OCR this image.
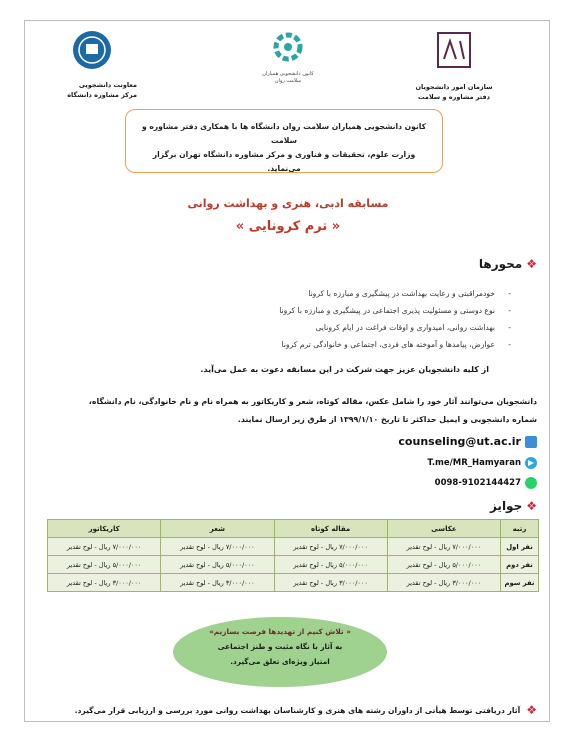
سازمان امور دانشجویان
دفتر مشاوره و سلامت
کانون دانشجویی همیاران
سلامت روان
معاونت دانشجویی
مرکز مشاوره دانشگاه
کانون دانشجویی همیاران سلامت روان دانشگاه ها با همکاری دفتر مشاوره و سلامت
وزارت علوم، تحقیقات و فناوری و مرکز مشاوره دانشگاه تهران برگزار می‌نماید.
مسابقه ادبی، هنری و بهداشت روانی
« ترم کرونایی »
❖
محورها
- خودمراقبتی و رعایت بهداشت در پیشگیری و مبارزه با کرونا
- نوع دوستی و مسئولیت پذیری اجتماعی در پیشگیری و مبارزه با کرونا
- بهداشت روانی، امیدواری و اوقات فراغت در ایام کرونایی
- عوارض، پیامدها و آموخته های فردی، اجتماعی و خانوادگی ترم کرونا
از کلیه دانشجویان عزیز جهت شرکت در این مسابقه دعوت به عمل می‌آید.
دانشجویان می‌توانند آثار خود را شامل عکس، مقاله کوتاه، شعر و کاریکاتور به همراه نام و نام خانوادگی، نام دانشگاه،
شماره دانشجویی و ایمیل حداکثر تا تاریخ ۱۳۹۹/۱/۱۰ از طرق زیر ارسال نمایند.
counseling@ut.ac.ir
T.me/MR_Hamyaran
0098-9102144427
❖
جوایز
رتبه	عکاسی	مقاله کوتاه	شعر	کاریکاتور
نفر اول	۷/۰۰۰/۰۰۰ ریال - لوح تقدیر	۷/۰۰۰/۰۰۰ ریال - لوح تقدیر	۷/۰۰۰/۰۰۰ ریال - لوح تقدیر	۷/۰۰۰/۰۰۰ ریال - لوح تقدیر
نفر دوم	۵/۰۰۰/۰۰۰ ریال - لوح تقدیر	۵/۰۰۰/۰۰۰ ریال - لوح تقدیر	۵/۰۰۰/۰۰۰ ریال - لوح تقدیر	۵/۰۰۰/۰۰۰ ریال - لوح تقدیر
نفر سوم	۳/۰۰۰/۰۰۰ ریال - لوح تقدیر	۳/۰۰۰/۰۰۰ ریال - لوح تقدیر	۳/۰۰۰/۰۰۰ ریال - لوح تقدیر	۳/۰۰۰/۰۰۰ ریال - لوح تقدیر
« تلاش کنیم از تهدیدها فرصت بسازیم»
به آثار با نگاه مثبت و طنز اجتماعی
امتیاز ویژه‌ای تعلق می‌گیرد.
❖
آثار دریافتی توسط هیأتی از داوران رشته های هنری و کارشناسان بهداشت روانی مورد بررسی و ارزیابی قرار می‌گیرد.
